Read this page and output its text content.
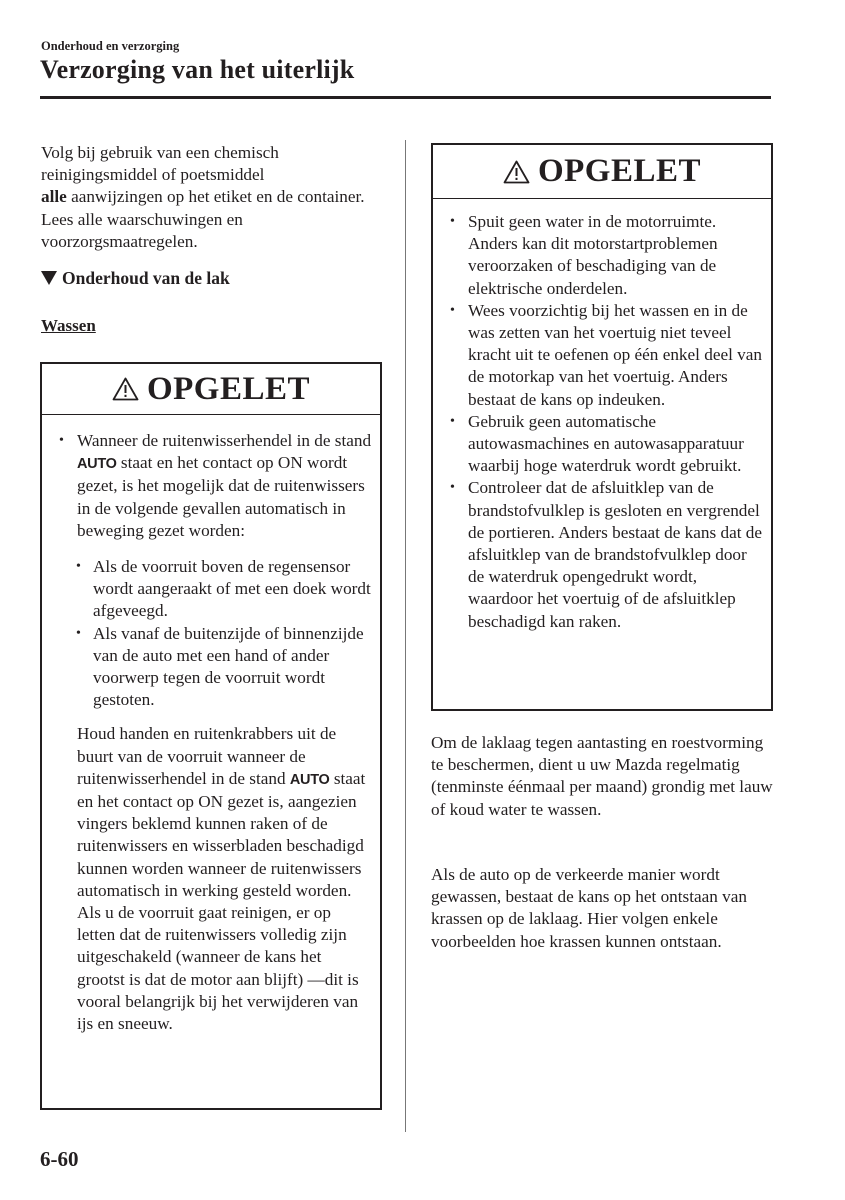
Onderhoud en verzorging
Verzorging van het uiterlijk

Volg bij gebruik van een chemisch
reinigingsmiddel of poetsmiddel
alle aanwijzingen op het etiket en de container. Lees alle waarschuwingen en voorzorgsmaatregelen.

Onderhoud van de lak
Wassen
OPGELET
• Wanneer de ruitenwisserhendel in de stand AUTO staat en het contact op ON wordt gezet, is het mogelijk dat de ruitenwissers in de volgende gevallen automatisch in beweging gezet worden:
• Als de voorruit boven de regensensor wordt aangeraakt of met een doek wordt afgeveegd.
• Als vanaf de buitenzijde of binnenzijde van de auto met een hand of ander voorwerp tegen de voorruit wordt gestoten.

Houd handen en ruitenkrabbers uit de buurt van de voorruit wanneer de ruitenwisserhendel in de stand AUTO staat en het contact op ON gezet is, aangezien vingers beklemd kunnen raken of de ruitenwissers en wisserbladen beschadigd kunnen worden wanneer de ruitenwissers automatisch in werking gesteld worden.

Als u de voorruit gaat reinigen, er op letten dat de ruitenwissers volledig zijn uitgeschakeld (wanneer de kans het grootst is dat de motor aan blijft) —dit is vooral belangrijk bij het verwijderen van ijs en sneeuw.

OPGELET
• Spuit geen water in de motorruimte. Anders kan dit motorstartproblemen veroorzaken of beschadiging van de elektrische onderdelen.
• Wees voorzichtig bij het wassen en in de was zetten van het voertuig niet teveel kracht uit te oefenen op één enkel deel van de motorkap van het voertuig. Anders bestaat de kans op indeuken.
• Gebruik geen automatische autowasmachines en autowasapparatuur waarbij hoge waterdruk wordt gebruikt.
• Controleer dat de afsluitklep van de brandstofvulklep is gesloten en vergrendel de portieren. Anders bestaat de kans dat de afsluitklep van de brandstofvulklep door de waterdruk opengedrukt wordt, waardoor het voertuig of de afsluitklep beschadigd kan raken.

Om de laklaag tegen aantasting en roestvorming te beschermen, dient u uw Mazda regelmatig (tenminste éénmaal per maand) grondig met lauw of koud water te wassen.

Als de auto op de verkeerde manier wordt gewassen, bestaat de kans op het ontstaan van krassen op de laklaag. Hier volgen enkele voorbeelden hoe krassen kunnen ontstaan.

6-60
